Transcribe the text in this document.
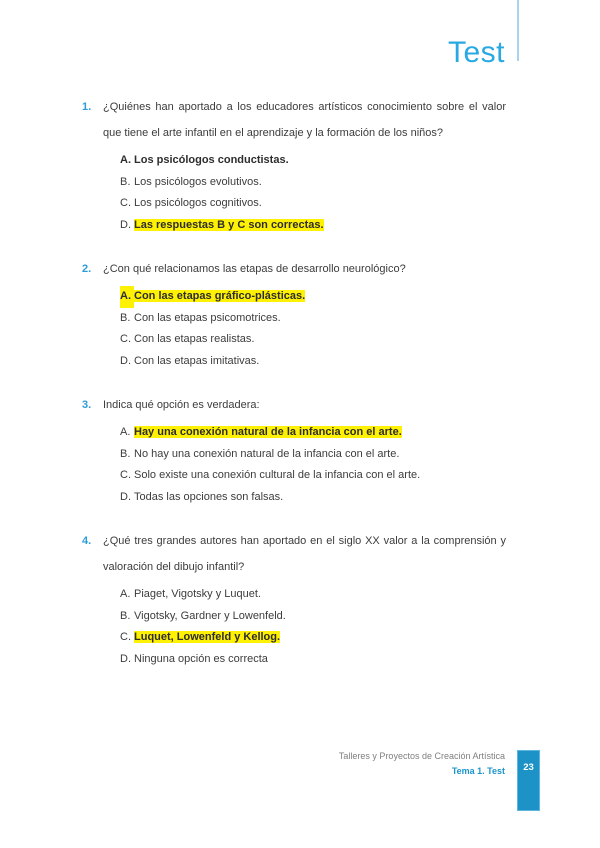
Test
1.	¿Quiénes han aportado a los educadores artísticos conocimiento sobre el valor que tiene el arte infantil en el aprendizaje y la formación de los niños?

A. Los psicólogos conductistas.
B. Los psicólogos evolutivos.
C. Los psicólogos cognitivos.
D. Las respuestas B y C son correctas.
2.	¿Con qué relacionamos las etapas de desarrollo neurológico?

A. Con las etapas gráfico-plásticas.
B. Con las etapas psicomotrices.
C. Con las etapas realistas.
D. Con las etapas imitativas.
3.	Indica qué opción es verdadera:

A. Hay una conexión natural de la infancia con el arte.
B. No hay una conexión natural de la infancia con el arte.
C. Solo existe una conexión cultural de la infancia con el arte.
D. Todas las opciones son falsas.
4.	¿Qué tres grandes autores han aportado en el siglo XX valor a la comprensión y valoración del dibujo infantil?

A. Piaget, Vigotsky y Luquet.
B. Vigotsky, Gardner y Lowenfeld.
C. Luquet, Lowenfeld y Kellog.
D. Ninguna opción es correcta
Talleres y Proyectos de Creación Artística
Tema 1. Test	23
